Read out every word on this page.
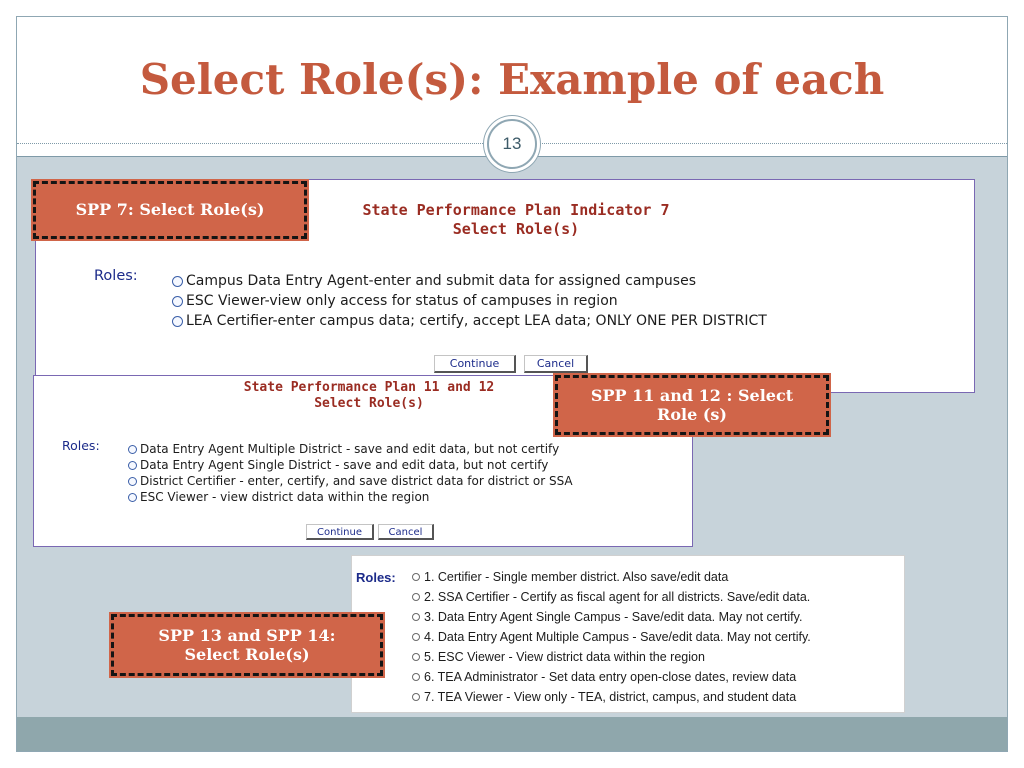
Select Role(s): Example of each
13
State Performance Plan Indicator 7
Select Role(s)
Roles:	Campus Data Entry Agent-enter and submit data for assigned campuses
ESC Viewer-view only access for status of campuses in region
LEA Certifier-enter campus data; certify, accept LEA data; ONLY ONE PER DISTRICT
Continue	Cancel
State Performance Plan 11 and 12
Select Role(s)
Roles:	Data Entry Agent Multiple District - save and edit data, but not certify
Data Entry Agent Single District - save and edit data, but not certify
District Certifier - enter, certify, and save district data for district or SSA
ESC Viewer - view district data within the region
Continue	Cancel
Roles: 1. Certifier - Single member district. Also save/edit data
2. SSA Certifier - Certify as fiscal agent for all districts. Save/edit data.
3. Data Entry Agent Single Campus - Save/edit data. May not certify.
4. Data Entry Agent Multiple Campus - Save/edit data. May not certify.
5. ESC Viewer - View district data within the region
6. TEA Administrator - Set data entry open-close dates, review data
7. TEA Viewer - View only - TEA, district, campus, and student data
SPP 7: Select Role(s)
SPP 11 and 12 : Select
Role (s)
SPP 13 and SPP 14:
Select Role(s)
